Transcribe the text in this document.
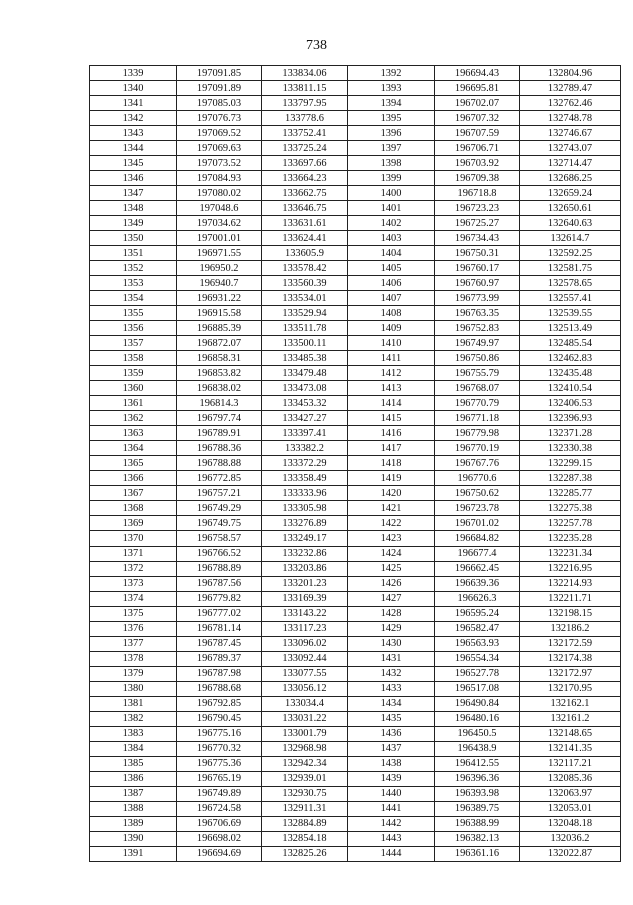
738
1339	197091.85	133834.06	1392	196694.43	132804.96
1340	197091.89	133811.15	1393	196695.81	132789.47
1341	197085.03	133797.95	1394	196702.07	132762.46
1342	197076.73	133778.6	1395	196707.32	132748.78
1343	197069.52	133752.41	1396	196707.59	132746.67
1344	197069.63	133725.24	1397	196706.71	132743.07
1345	197073.52	133697.66	1398	196703.92	132714.47
1346	197084.93	133664.23	1399	196709.38	132686.25
1347	197080.02	133662.75	1400	196718.8	132659.24
1348	197048.6	133646.75	1401	196723.23	132650.61
1349	197034.62	133631.61	1402	196725.27	132640.63
1350	197001.01	133624.41	1403	196734.43	132614.7
1351	196971.55	133605.9	1404	196750.31	132592.25
1352	196950.2	133578.42	1405	196760.17	132581.75
1353	196940.7	133560.39	1406	196760.97	132578.65
1354	196931.22	133534.01	1407	196773.99	132557.41
1355	196915.58	133529.94	1408	196763.35	132539.55
1356	196885.39	133511.78	1409	196752.83	132513.49
1357	196872.07	133500.11	1410	196749.97	132485.54
1358	196858.31	133485.38	1411	196750.86	132462.83
1359	196853.82	133479.48	1412	196755.79	132435.48
1360	196838.02	133473.08	1413	196768.07	132410.54
1361	196814.3	133453.32	1414	196770.79	132406.53
1362	196797.74	133427.27	1415	196771.18	132396.93
1363	196789.91	133397.41	1416	196779.98	132371.28
1364	196788.36	133382.2	1417	196770.19	132330.38
1365	196788.88	133372.29	1418	196767.76	132299.15
1366	196772.85	133358.49	1419	196770.6	132287.38
1367	196757.21	133333.96	1420	196750.62	132285.77
1368	196749.29	133305.98	1421	196723.78	132275.38
1369	196749.75	133276.89	1422	196701.02	132257.78
1370	196758.57	133249.17	1423	196684.82	132235.28
1371	196766.52	133232.86	1424	196677.4	132231.34
1372	196788.89	133203.86	1425	196662.45	132216.95
1373	196787.56	133201.23	1426	196639.36	132214.93
1374	196779.82	133169.39	1427	196626.3	132211.71
1375	196777.02	133143.22	1428	196595.24	132198.15
1376	196781.14	133117.23	1429	196582.47	132186.2
1377	196787.45	133096.02	1430	196563.93	132172.59
1378	196789.37	133092.44	1431	196554.34	132174.38
1379	196787.98	133077.55	1432	196527.78	132172.97
1380	196788.68	133056.12	1433	196517.08	132170.95
1381	196792.85	133034.4	1434	196490.84	132162.1
1382	196790.45	133031.22	1435	196480.16	132161.2
1383	196775.16	133001.79	1436	196450.5	132148.65
1384	196770.32	132968.98	1437	196438.9	132141.35
1385	196775.36	132942.34	1438	196412.55	132117.21
1386	196765.19	132939.01	1439	196396.36	132085.36
1387	196749.89	132930.75	1440	196393.98	132063.97
1388	196724.58	132911.31	1441	196389.75	132053.01
1389	196706.69	132884.89	1442	196388.99	132048.18
1390	196698.02	132854.18	1443	196382.13	132036.2
1391	196694.69	132825.26	1444	196361.16	132022.87
